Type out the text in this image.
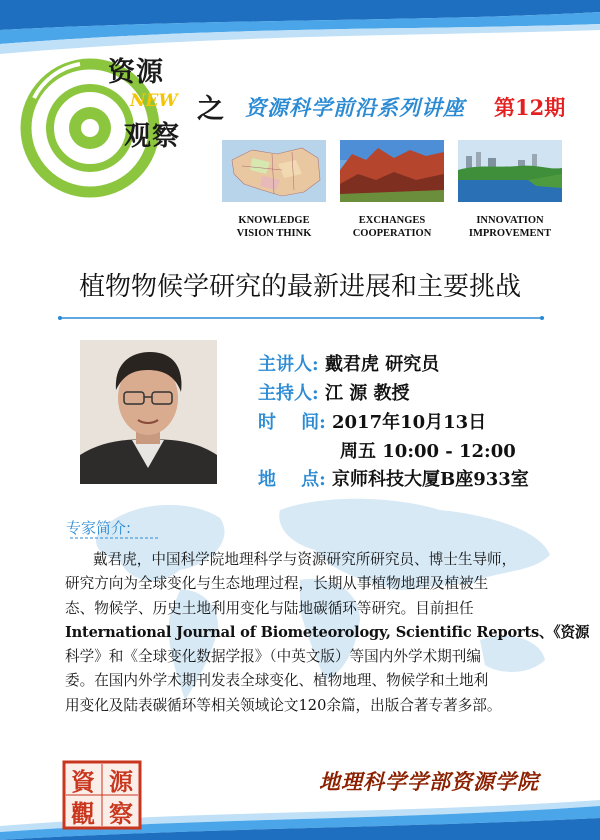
资源
NEW 之
观察
资源科学前沿系列讲座 第12期
KNOWLEDGE
VISION THINK
EXCHANGES
COOPERATION
INNOVATION
IMPROVEMENT
植物物候学研究的最新进展和主要挑战
主讲人: 戴君虎 研究员
主持人: 江 源 教授
时    间: 2017年10月13日
周五 10:00 - 12:00
地    点: 京师科技大厦B座933室
专家简介:
戴君虎，中国科学院地理科学与资源研究所研究员、博士生导师，
研究方向为全球变化与生态地理过程，长期从事植物地理及植被生
态、物候学、历史土地利用变化与陆地碳循环等研究。目前担任
International Journal of Biometeorology, Scientific Reports、《资源
科学》和《全球变化数据学报》（中英文版）等国内外学术期刊编
委。在国内外学术期刊发表全球变化、植物地理、物候学和土地利
用变化及陆表碳循环等相关领域论文120余篇，出版合著专著多部。
資 源
觀 察
地理科学学部资源学院
